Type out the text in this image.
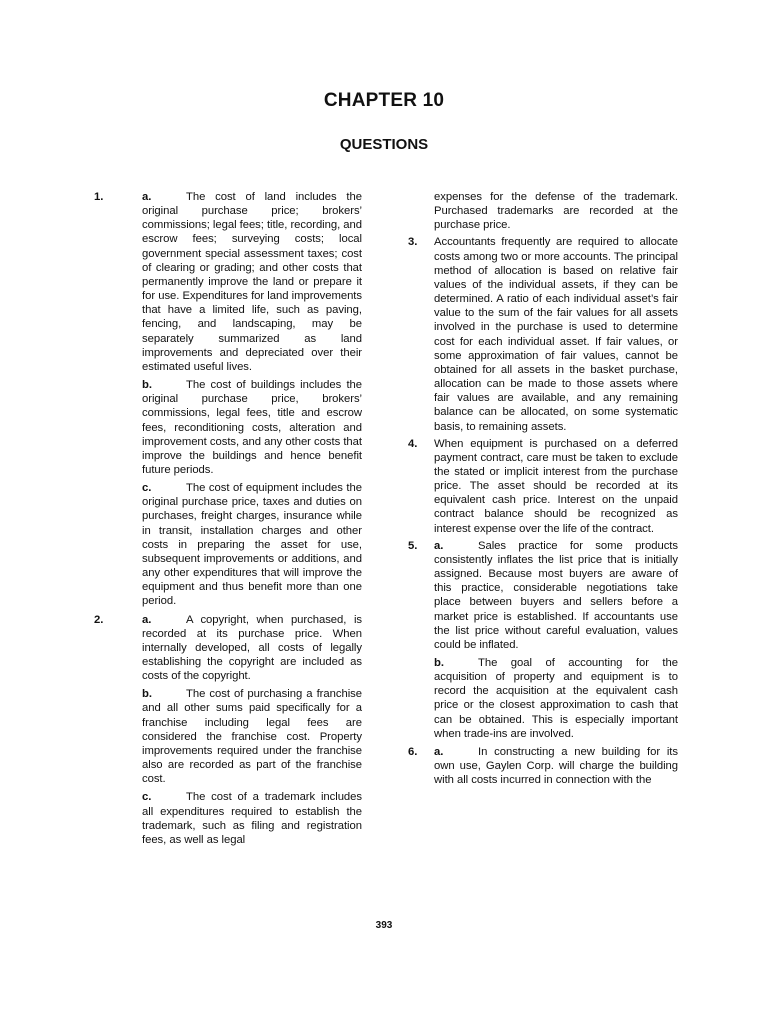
CHAPTER 10
QUESTIONS
1.	a.	The cost of land includes the original purchase price; brokers’ commissions; legal fees; title, recording, and escrow fees; surveying costs; local government special assessment taxes; cost of clearing or grading; and other costs that permanently improve the land or prepare it for use. Expenditures for land improvements that have a limited life, such as paving, fencing, and landscaping, may be separately summarized as land improvements and depreciated over their estimated useful lives.
b.	The cost of buildings includes the original purchase price, brokers’ commissions, legal fees, title and escrow fees, reconditioning costs, alteration and improvement costs, and any other costs that improve the buildings and hence benefit future periods.
c.	The cost of equipment includes the original purchase price, taxes and duties on purchases, freight charges, insurance while in transit, installation charges and other costs in preparing the asset for use, subsequent improvements or additions, and any other expenditures that will improve the equipment and thus benefit more than one period.
2.	a.	A copyright, when purchased, is recorded at its purchase price. When internally developed, all costs of legally establishing the copyright are included as costs of the copyright.
b.	The cost of purchasing a franchise and all other sums paid specifically for a franchise including legal fees are considered the franchise cost. Property improvements required under the franchise also are recorded as part of the franchise cost.
c.	The cost of a trademark includes all expenditures required to establish the trademark, such as filing and registration fees, as well as legal
expenses for the defense of the trademark. Purchased trademarks are recorded at the purchase price.
3. Accountants frequently are required to allocate costs among two or more accounts. The principal method of allocation is based on relative fair values of the individual assets, if they can be determined. A ratio of each individual asset’s fair value to the sum of the fair values for all assets involved in the purchase is used to determine cost for each individual asset. If fair values, or some approximation of fair values, cannot be obtained for all assets in the basket purchase, allocation can be made to those assets where fair values are available, and any remaining balance can be allocated, on some systematic basis, to remaining assets.
4. When equipment is purchased on a deferred payment contract, care must be taken to exclude the stated or implicit interest from the purchase price. The asset should be recorded at its equivalent cash price. Interest on the unpaid contract balance should be recognized as interest expense over the life of the contract.
5. a.	Sales practice for some products consistently inflates the list price that is initially assigned. Because most buyers are aware of this practice, considerable negotiations take place between buyers and sellers before a market price is established. If accountants use the list price without careful evaluation, values could be inflated.
b.	The goal of accounting for the acquisition of property and equipment is to record the acquisition at the equivalent cash price or the closest approximation to cash that can be obtained. This is especially important when trade-ins are involved.
6. a.	In constructing a new building for its own use, Gaylen Corp. will charge the building with all costs incurred in connection with the
393
